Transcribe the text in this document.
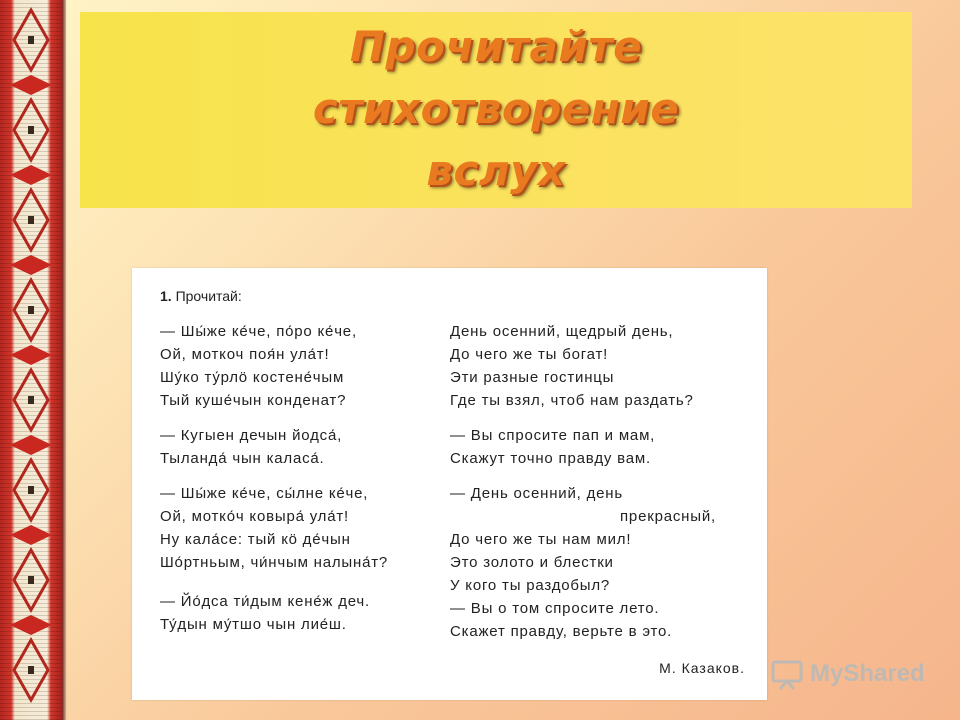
Прочитайте
стихотворение
вслух
1. Прочитай:
— Шы́же ке́че, по́ро ке́че,
Ой, моткоч поя́н ула́т!
Шу́ко ту́рлӧ костене́чым
Тый куше́чын конденат?
— Кугыен дечын йодса́,
Тыланда́ чын каласа́.
— Шы́же ке́че, сы́лне ке́че,
Ой, мотко́ч ковыра́ ула́т!
Ну кала́се: тый кӧ де́чын
Шо́ртньым, чи́нчым налына́т?
— Йо́дса ти́дым кене́ж деч.
Ту́дын му́тшо чын лие́ш.
День осенний, щедрый день,
До чего же ты богат!
Эти разные гостинцы
Где ты взял, чтоб нам раздать?
— Вы спросите пап и мам,
Скажут точно правду вам.
— День осенний, день
прекрасный,
До чего же ты нам мил!
Это золото и блестки
У кого ты раздобыл?
— Вы о том спросите лето.
Скажет правду, верьте в это.
М. Казаков.	MyShared
